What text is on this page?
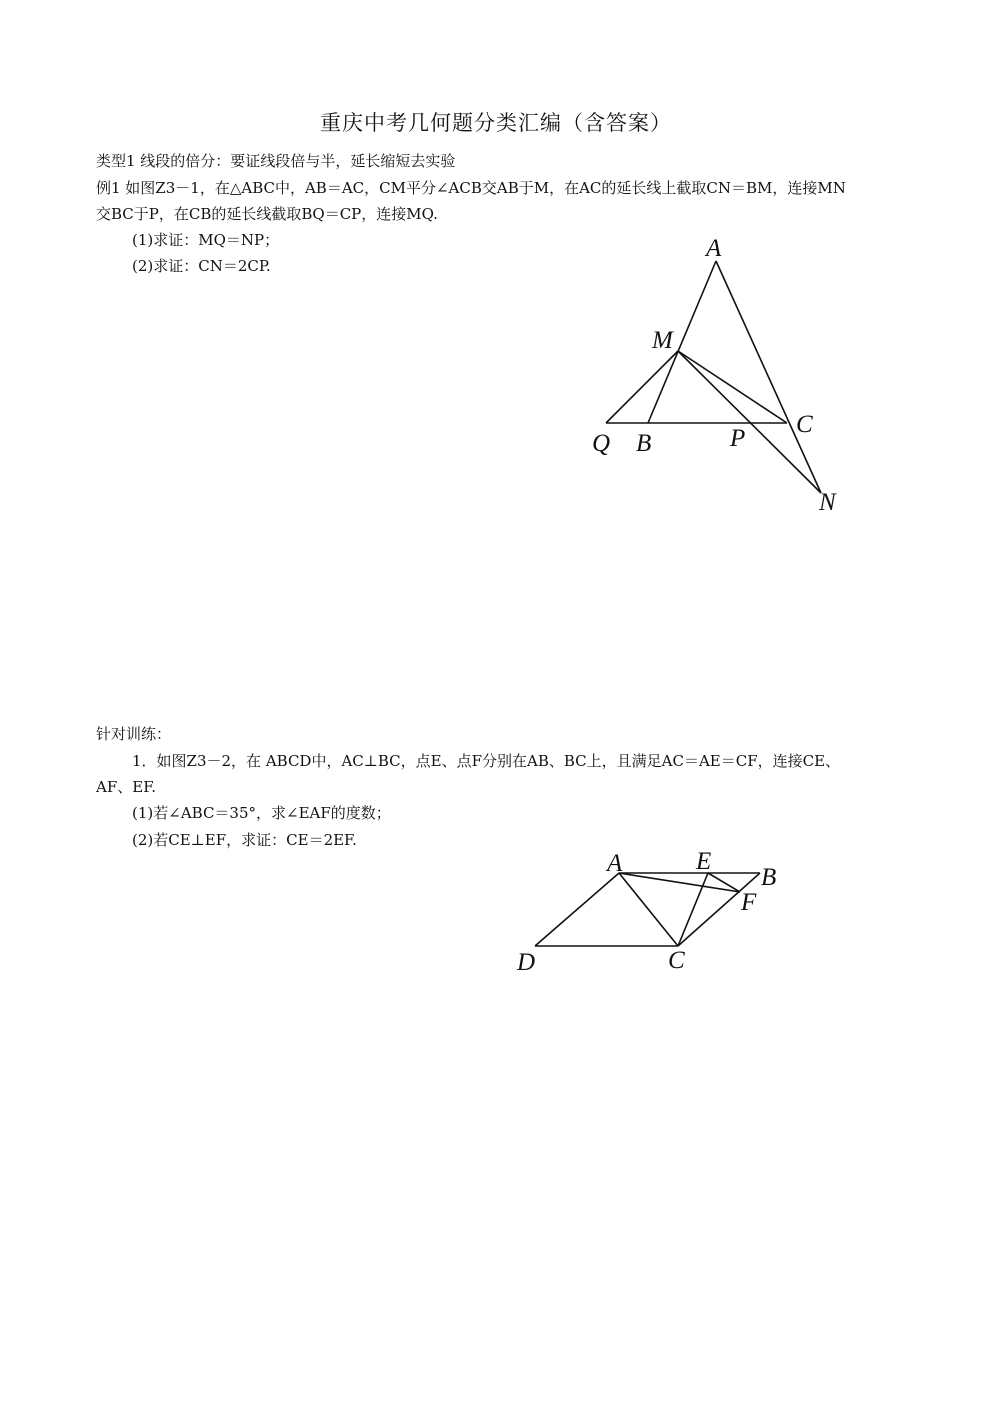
重庆中考几何题分类汇编（含答案）
类型1 线段的倍分：要证线段倍与半，延长缩短去实验
例1 如图Z3－1，在△ABC中，AB＝AC，CM平分∠ACB交AB于M，在AC的延长线上截取CN＝BM，连接MN
交BC于P，在CB的延长线截取BQ＝CP，连接MQ.
(1)求证：MQ＝NP；
(2)求证：CN＝2CP.
针对训练：
1．如图Z3－2，在 ABCD中，AC⊥BC，点E、点F分别在AB、BC上，且满足AC＝AE＝CF，连接CE、
AF、EF.
(1)若∠ABC＝35°，求∠EAF的度数；
(2)若CE⊥EF，求证：CE＝2EF.
A
M
Q B	P
C
N
A	E
B
F
D	C
